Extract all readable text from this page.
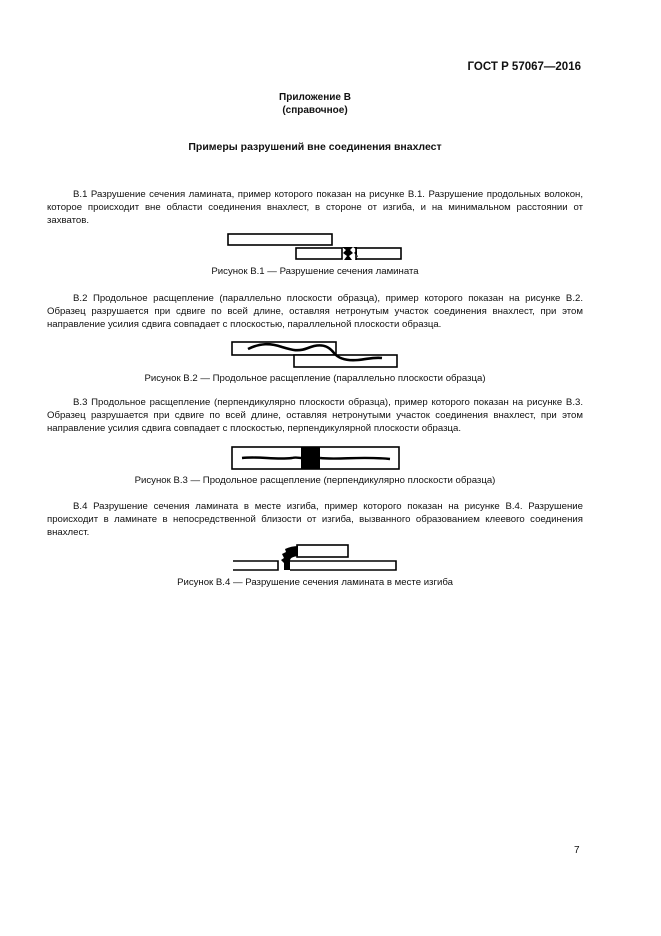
ГОСТ Р 57067—2016
Приложение В
(справочное)
Примеры разрушений вне соединения внахлест
В.1 Разрушение сечения ламината, пример которого показан на рисунке В.1. Разрушение продольных волокон, которое происходит вне области соединения внахлест, в стороне от изгиба, и на минимальном расстоянии от захватов.
Рисунок В.1 — Разрушение сечения ламината
В.2 Продольное расщепление (параллельно плоскости образца), пример которого показан на рисунке В.2. Образец разрушается при сдвиге по всей длине, оставляя нетронутым участок соединения внахлест, при этом направление усилия сдвига совпадает с плоскостью, параллельной плоскости образца.
Рисунок В.2 — Продольное расщепление (параллельно плоскости образца)
В.3 Продольное расщепление (перпендикулярно плоскости образца), пример которого показан на рисунке В.3. Образец разрушается при сдвиге по всей длине, оставляя нетронутыми участок соединения внахлест, при этом направление усилия сдвига совпадает с плоскостью, перпендикулярной плоскости образца.
Рисунок В.3 — Продольное расщепление (перпендикулярно плоскости образца)
В.4 Разрушение сечения ламината в месте изгиба, пример которого показан на рисунке В.4. Разрушение происходит в ламинате в непосредственной близости от изгиба, вызванного образованием клеевого соединения внахлест.
Рисунок В.4 — Разрушение сечения ламината в месте изгиба
7
